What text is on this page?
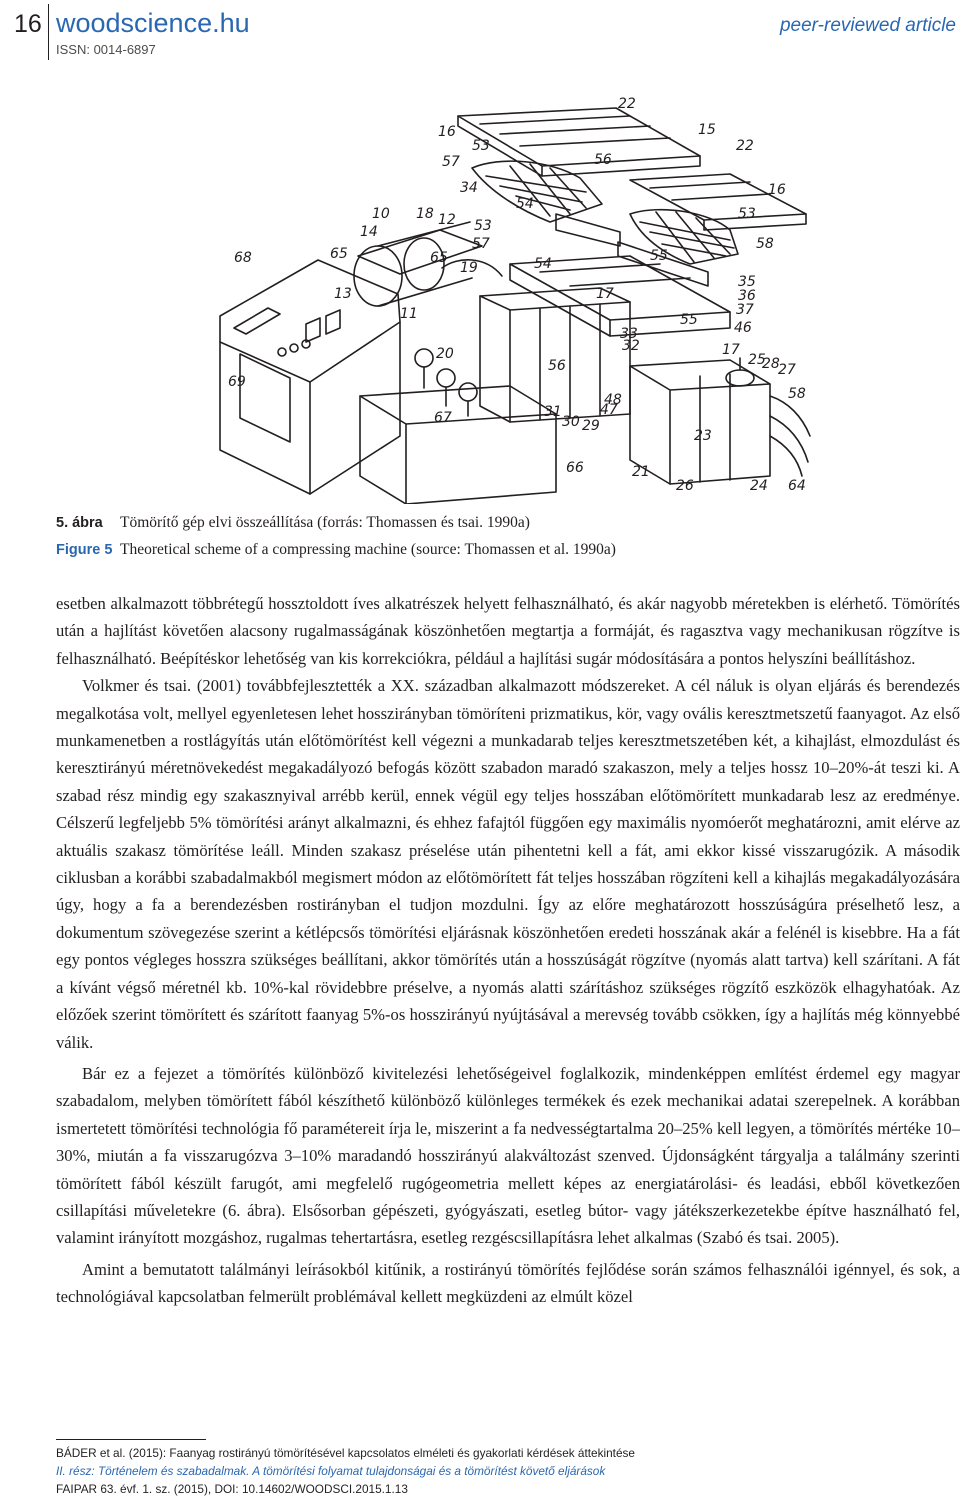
16 woodscience.hu
ISSN: 0014-6897
peer-reviewed article
22
16
53
15
56
57
22
34	16
54
10 18 12 53
53
14
58
57
68	65	55
65
19	54
35
36
13	17
37
55
11
46
33
32	17
25
28
27
20
69
56
58
48
31	47
67	30 29
23
66	21
26	24 64
5. ábra Tömörítő gép elvi összeállítása (forrás: Thomassen és tsai. 1990a)
Figure 5 Theoretical scheme of a compressing machine (source: Thomassen et al. 1990a)

esetben alkalmazott többrétegű hossztoldott íves alkatrészek helyett felhasználható, és akár nagyobb méretekben is elérhető. Tömörítés után a hajlítást követően alacsony rugalmasságának köszönhetően megtartja a formáját, és ragasztva vagy mechanikusan rögzítve is felhasználható. Beépítéskor lehetőség van kis korrekciókra, például a hajlítási sugár módosítására a pontos helyszíni beállításhoz.

Volkmer és tsai. (2001) továbbfejlesztették a XX. században alkalmazott módszereket. A cél náluk is olyan eljárás és berendezés megalkotása volt, mellyel egyenletesen lehet hosszirányban tömöríteni prizmatikus, kör, vagy ovális keresztmetszetű faanyagot. Az első munkamenetben a rostlágyítás után előtömörítést kell végezni a munkadarab teljes keresztmetszetében két, a kihajlást, elmozdulást és keresztirányú méretnövekedést megakadályozó befogás között szabadon maradó szakaszon, mely a teljes hossz 10–20%-át teszi ki. A szabad rész mindig egy szakasznyival arrébb kerül, ennek végül egy teljes hosszában előtömörített munkadarab lesz az eredménye. Célszerű legfeljebb 5% tömörítési arányt alkalmazni, és ehhez fafajtól függően egy maximális nyomóerőt meghatározni, amit elérve az aktuális szakasz tömörítése leáll. Minden szakasz préselése után pihentetni kell a fát, ami ekkor kissé visszarugózik. A második ciklusban a korábbi szabadalmakból megismert módon az előtömörített fát teljes hosszában rögzíteni kell a kihajlás megakadályozására úgy, hogy a fa a berendezésben rostirányban el tudjon mozdulni. Így az előre meghatározott hosszúságúra préselhető lesz, a dokumentum szövegezése szerint a kétlépcsős tömörítési eljárásnak köszönhetően eredeti hosszának akár a felénél is kisebbre. Ha a fát egy pontos végleges hosszra szükséges beállítani, akkor tömörítés után a hosszúságát rögzítve (nyomás alatt tartva) kell szárítani. A fát a kívánt végső méretnél kb. 10%-kal rövidebbre préselve, a nyomás alatti szárításhoz szükséges rögzítő eszközök elhagyhatóak. Az előzőek szerint tömörített és szárított faanyag 5%-os hosszirányú nyújtásával a merevség tovább csökken, így a hajlítás még könnyebbé válik.

Bár ez a fejezet a tömörítés különböző kivitelezési lehetőségeivel foglalkozik, mindenképpen említést érdemel egy magyar szabadalom, melyben tömörített fából készíthető különböző különleges termékek és ezek mechanikai adatai szerepelnek. A korábban ismertetett tömörítési technológia fő paramétereit írja le, miszerint a fa nedvességtartalma 20–25% kell legyen, a tömörítés mértéke 10–30%, miután a fa visszarugózva 3–10% maradandó hosszirányú alakváltozást szenved. Újdonságként tárgyalja a találmány szerinti tömörített fából készült farugót, ami megfelelő rugógeometria mellett képes az energiatárolási- és leadási, ebből következően csillapítási műveletekre (6. ábra). Elsősorban gépészeti, gyógyászati, esetleg bútor- vagy játékszerkezetekbe építve használható fel, valamint irányított mozgáshoz, rugalmas tehertartásra, esetleg rezgéscsillapításra lehet alkalmas (Szabó és tsai. 2005).

Amint a bemutatott találmányi leírásokból kitűnik, a rostirányú tömörítés fejlődése során számos felhasználói igénnyel, és sok, a technológiával kapcsolatban felmerült problémával kellett megküzdeni az elmúlt közel

BÁDER et al. (2015): Faanyag rostirányú tömörítésével kapcsolatos elméleti és gyakorlati kérdések áttekintése
II. rész: Történelem és szabadalmak. A tömörítési folyamat tulajdonságai és a tömörítést követő eljárások
FAIPAR 63. évf. 1. sz. (2015), DOI: 10.14602/WOODSCI.2015.1.13
